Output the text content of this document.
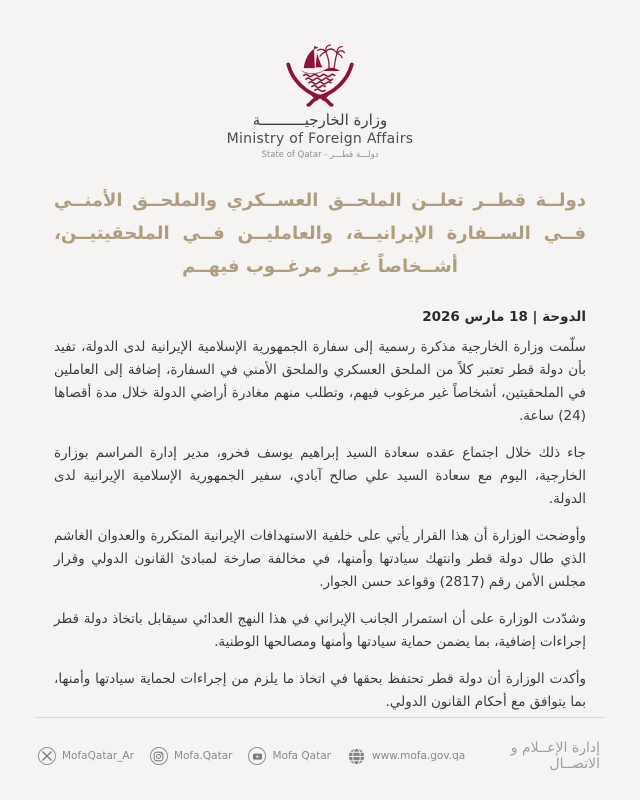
وزارة الخارجيــــــــــة
Ministry of Foreign Affairs
State of Qatar - دولـــة قطـــر
دولــة قطــر تعلــن الملحــق العســكري والملحــق الأمنــي
فــي الســفارة الإيرانيــة، والعامليــن فــي الملحقيتيــن،
أشــخاصاً غيــر مرغــوب فيهــم
الدوحة | 18 مارس 2026

سلّمت وزارة الخارجية مذكرة رسمية إلى سفارة الجمهورية الإسلامية الإيرانية لدى الدولة، تفيد بأن دولة قطر تعتبر كلاً من الملحق العسكري والملحق الأمني في السفارة، إضافة إلى العاملين في الملحقيتين، أشخاصاً غير مرغوب فيهم، وتطلب منهم مغادرة أراضي الدولة خلال مدة أقصاها (24) ساعة.

جاء ذلك خلال اجتماع عقده سعادة السيد إبراهيم يوسف فخرو، مدير إدارة المراسم بوزارة الخارجية، اليوم مع سعادة السيد علي صالح آبادي، سفير الجمهورية الإسلامية الإيرانية لدى الدولة.

وأوضحت الوزارة أن هذا القرار يأتي على خلفية الاستهدافات الإيرانية المتكررة والعدوان الغاشم الذي طال دولة قطر وانتهك سيادتها وأمنها، في مخالفة صارخة لمبادئ القانون الدولي وقرار مجلس الأمن رقم (2817) وقواعد حسن الجوار.

وشدّدت الوزارة على أن استمرار الجانب الإيراني في هذا النهج العدائي سيقابل باتخاذ دولة قطر إجراءات إضافية، بما يضمن حماية سيادتها وأمنها ومصالحها الوطنية.

وأكدت الوزارة أن دولة قطر تحتفظ بحقها في اتخاذ ما يلزم من إجراءات لحماية سيادتها وأمنها، بما يتوافق مع أحكام القانون الدولي.

MofaQatar_Ar	Mofa.Qatar	Mofa Qatar	www.mofa.gov.qa	إدارة الإعــلام و الاتصــال
